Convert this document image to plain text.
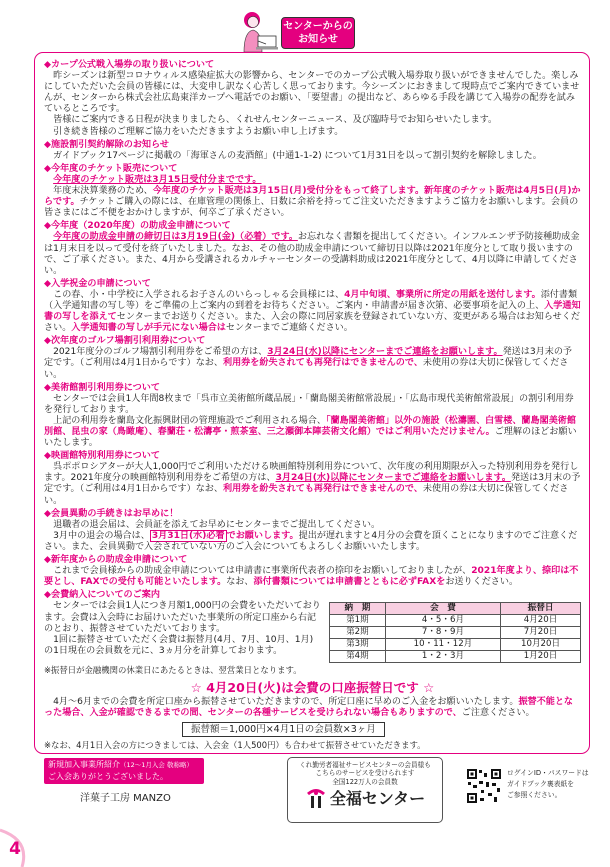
センターからの
お知らせ
◆カープ公式戦入場券の取り扱いについて

昨シーズンは新型コロナウィルス感染症拡大の影響から、センターでのカープ公式戦入場券取り扱いができませんでした。楽しみにしていただいた会員の皆様には、大変申し訳なく心苦しく思っております。今シーズンにおきまして現時点でご案内できていませんが、センターから株式会社広島東洋カープへ電話でのお願い、「要望書」の提出など、あらゆる手段を講じて入場券の配券を試みているところです。

皆様にご案内できる日程が決まりましたら、くれせんセンターニュース、及び臨時号でお知らせいたします。

引き続き皆様のご理解ご協力をいただきますようお願い申し上げます。

◆施設割引契約解除のお知らせ

ガイドブック17ページに掲載の「海軍さんの麦酒館」(中通1-1-2) について1月31日を以って割引契約を解除しました。

◆今年度のチケット販売について
今年度のチケット販売は3月15日受付分までです。

年度末決算業務のため、今年度のチケット販売は3月15日(月)受付分をもって終了します。新年度のチケット販売は4月5日(月)からです。チケットご購入の際には、在庫管理の関係上、日数に余裕を持ってご注文いただきますようご協力をお願いします。会員の皆さまにはご不便をおかけしますが、何卒ご了承ください。

◆今年度（2020年度）の助成金申請について

今年度の助成金申請の締切日は3月19日(金)（必着）です。お忘れなく書類を提出してください。インフルエンザ予防接種助成金は1月末日を以って受付を終了いたしました。なお、その他の助成金申請について締切日以降は2021年度分として取り扱いますので、ご了承ください。また、4月から受講されるカルチャーセンターの受講料助成は2021年度分として、4月以降に申請してください。

◆入学祝金の申請について

この春、小・中学校に入学されるお子さんのいらっしゃる会員様には、4月中旬頃、事業所に所定の用紙を送付します。添付書類（入学通知書の写し等）をご準備の上ご案内の到着をお待ちください。ご案内・申請書が届き次第、必要事項を記入の上、入学通知書の写しを添えてセンターまでお送りください。また、入会の際に同居家族を登録されていない方、変更がある場合はお知らせください。入学通知書の写しが手元にない場合はセンターまでご連絡ください。

◆次年度のゴルフ場割引利用券について

2021年度分のゴルフ場割引利用券をご希望の方は、3月24日(水)以降にセンターまでご連絡をお願いします。発送は3月末の予定です。（ご利用は4月1日からです）なお、利用券を紛失されても再発行はできませんので、未使用の券は大切に保管してください。

◆美術館割引利用券について

センターでは会員1人年間8枚まで「呉市立美術館所蔵品展」・「蘭島閣美術館常設展」・「広島市現代美術館常設展」の割引利用券を発行しております。

上記の利用券を蘭島文化振興財団の管理施設でご利用される場合、「蘭島閣美術館」以外の施設（松濤園、白雪楼、蘭島閣美術館別館、昆虫の家（鳥瞰庵）、春蘭荘・松濤亭・煎茶室、三之瀬御本陣芸術文化館）ではご利用いただけません。ご理解のほどお願いいたします。

◆映画館特別利用券について

呉ポポロシアターが大人1,000円でご利用いただける映画館特別利用券について、次年度の利用期限が入った特別利用券を発行します。2021年度分の映画館特別利用券をご希望の方は、3月24日(水)以降にセンターまでご連絡をお願いします。発送は3月末の予定です。（ご利用は4月1日からです）なお、利用券を紛失されても再発行はできませんので、未使用の券は大切に保管してください。

◆会員異動の手続きはお早めに！

退職者の退会届は、会員証を添えてお早めにセンターまでご提出してください。

3月中の退会の場合は、 3月31日(水)必着 でお願いします。提出が遅れますと4月分の会費を頂くことになりますのでご注意ください。また、会員異動で入会されていない方のご入会についてもよろしくお願いいたします。

◆新年度からの助成金申請について

これまで会員様からの助成金申請については申請書に事業所代表者の捺印をお願いしておりましたが、2021年度より、捺印は不要とし、FAXでの受付も可能といたします。なお、添付書類については申請書とともに必ずFAXをお送りください。

◆会費納入についてのご案内
納　期	会　費	振替日
第1期	4・5・6月	4月20日
第2期	7・8・9月	7月20日
第3期	10・11・12月	10月20日
第4期	1・2・3月	1月20日

センターでは会員1人につき月額1,000円の会費をいただいております。会費は入会時にお届けいただいた事業所の所定口座から右記のとおり、振替させていただいております。

1回に振替させていただく会費は振替月(4月、7月、10月、1月)の1日現在の会員数を元に、3ヵ月分を計算しております。

※振替日が金融機関の休業日にあたるときは、翌営業日となります。
☆ 4月20日(火)は会費の口座振替日です ☆

4月～6月までの会費を所定口座から振替させていただきますので、所定口座に早めのご入金をお願いいたします。振替不能となった場合、入金が確認できるまでの間、センターの各種サービスを受けられない場合もありますので、ご注意ください。

振替額＝1,000円×4月1日の会員数×3ヶ月
※なお、4月1日入会の方につきましては、入会金（1人500円）も合わせて振替させていただきます。
新規加入事業所紹介（12～1月入会 敬称略）
ご入会ありがとうございました。
洋菓子工房 MANZO
くれ勤労者福祉サービスセンターの会員様も
こちらのサービスを受けられます
全国122万人の会員数
全福センター
ログインID・パスワードは
ガイドブック裏表紙を
ご参照ください。
4
